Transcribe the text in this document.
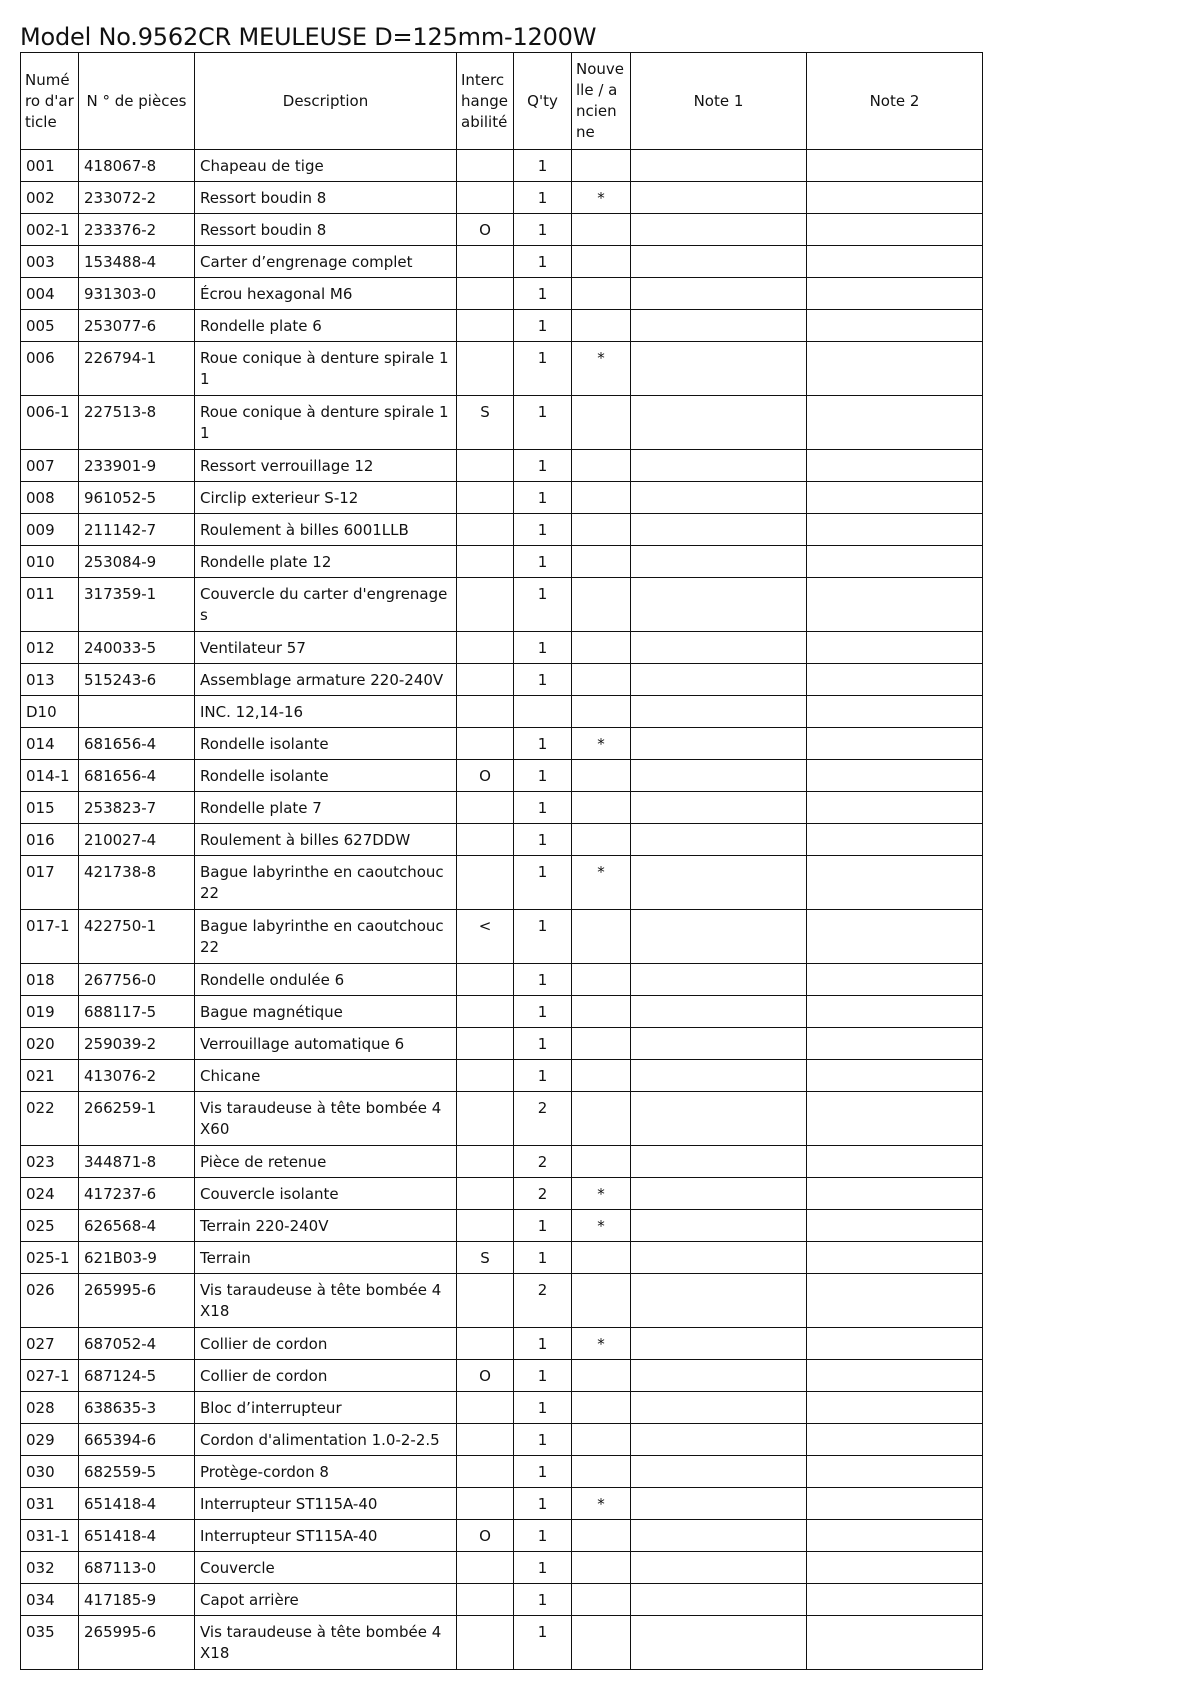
Model No.9562CR MEULEUSE D=125mm-1200W
Numéro d'article	N ° de pièces	Description	Interchangeabilité	Q'ty	Nouvelle / ancienne	Note 1	Note 2
001	418067-8	Chapeau de tige		1			
002	233072-2	Ressort boudin 8		1	*		
002-1	233376-2	Ressort boudin 8	O	1			
003	153488-4	Carter d’engrenage complet		1			
004	931303-0	Écrou hexagonal M6		1			
005	253077-6	Rondelle plate 6		1			
006	226794-1	Roue conique à denture spirale 11		1	*		
006-1	227513-8	Roue conique à denture spirale 11	S	1			
007	233901-9	Ressort verrouillage 12		1			
008	961052-5	Circlip exterieur S-12		1			
009	211142-7	Roulement à billes 6001LLB		1			
010	253084-9	Rondelle plate 12		1			
011	317359-1	Couvercle du carter d'engrenages		1			
012	240033-5	Ventilateur 57		1			
013	515243-6	Assemblage armature 220-240V		1			
D10		INC. 12,14-16					
014	681656-4	Rondelle isolante		1	*		
014-1	681656-4	Rondelle isolante	O	1			
015	253823-7	Rondelle plate 7		1			
016	210027-4	Roulement à billes 627DDW		1			
017	421738-8	Bague labyrinthe en caoutchouc 22		1	*		
017-1	422750-1	Bague labyrinthe en caoutchouc 22	<	1			
018	267756-0	Rondelle ondulée 6		1			
019	688117-5	Bague magnétique		1			
020	259039-2	Verrouillage automatique 6		1			
021	413076-2	Chicane		1			
022	266259-1	Vis taraudeuse à tête bombée 4X60		2			
023	344871-8	Pièce de retenue		2			
024	417237-6	Couvercle isolante		2	*		
025	626568-4	Terrain 220-240V		1	*		
025-1	621B03-9	Terrain	S	1			
026	265995-6	Vis taraudeuse à tête bombée 4X18		2			
027	687052-4	Collier de cordon		1	*		
027-1	687124-5	Collier de cordon	O	1			
028	638635-3	Bloc d’interrupteur		1			
029	665394-6	Cordon d'alimentation 1.0-2-2.5		1			
030	682559-5	Protège-cordon 8		1			
031	651418-4	Interrupteur ST115A-40		1	*		
031-1	651418-4	Interrupteur ST115A-40	O	1			
032	687113-0	Couvercle		1			
034	417185-9	Capot arrière		1			
035	265995-6	Vis taraudeuse à tête bombée 4X18		1			
